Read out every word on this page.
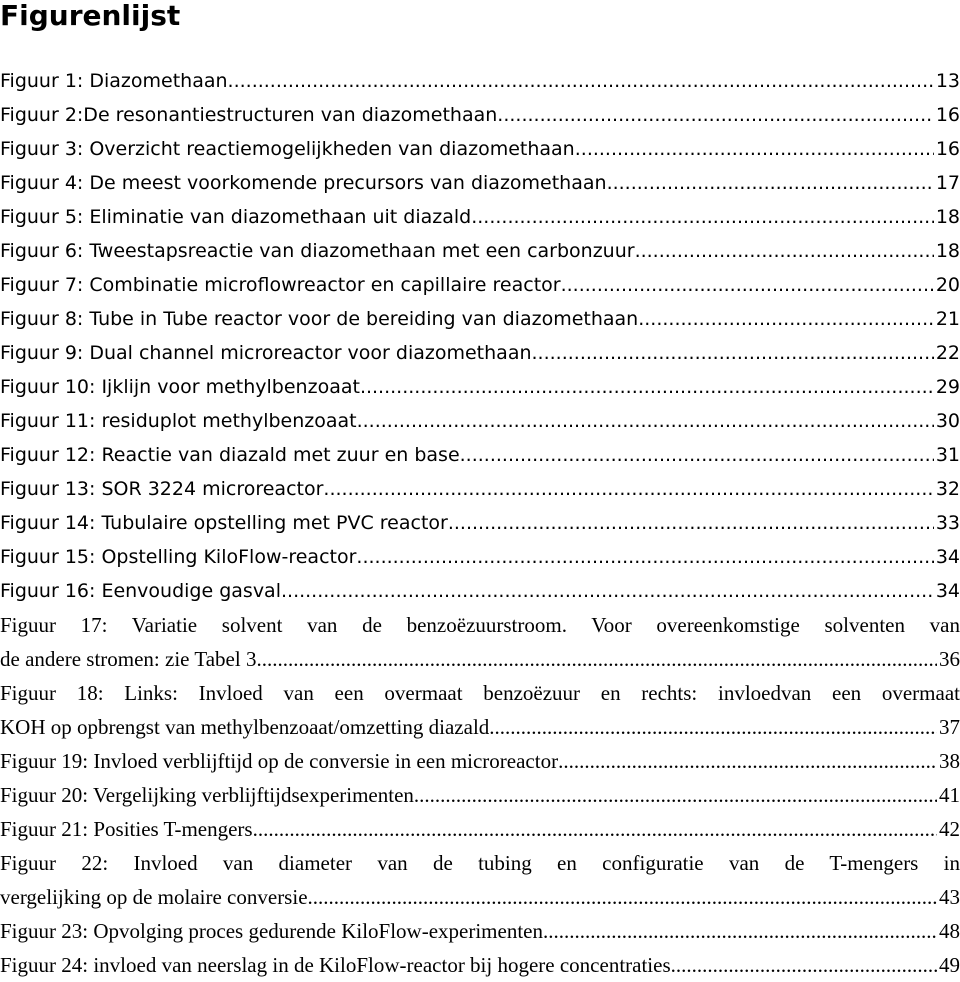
Figurenlijst
Figuur 1: Diazomethaan .....	13
Figuur 2:De resonantiestructuren van diazomethaan .....	16
Figuur 3: Overzicht reactiemogelijkheden van diazomethaan .....	16
Figuur 4: De meest voorkomende precursors van diazomethaan .....	17
Figuur 5: Eliminatie van diazomethaan uit diazald .....	18
Figuur 6: Tweestapsreactie van diazomethaan met een carbonzuur .....	18
Figuur 7: Combinatie microflowreactor en capillaire reactor .....	20
Figuur 8: Tube in Tube reactor voor de bereiding van diazomethaan .....	21
Figuur 9: Dual channel microreactor voor diazomethaan .....	22
Figuur 10: Ijklijn voor methylbenzoaat .....	29
Figuur 11: residuplot methylbenzoaat .....	30
Figuur 12: Reactie van diazald met zuur en base .....	31
Figuur 13: SOR 3224 microreactor .....	32
Figuur 14: Tubulaire opstelling met PVC reactor .....	33
Figuur 15: Opstelling KiloFlow-reactor .....	34
Figuur 16: Eenvoudige gasval .....	34
Figuur 17: Variatie solvent van de benzoëzuurstroom. Voor overeenkomstige solventen van
de andere stromen: zie Tabel 3 .....	36
Figuur 18: Links: Invloed van een overmaat benzoëzuur en rechts: invloedvan een overmaat
KOH op opbrengst van methylbenzoaat/omzetting diazald .....	37
Figuur 19: Invloed verblijftijd op de conversie in een microreactor .....	38
Figuur 20: Vergelijking verblijftijdsexperimenten .....	41
Figuur 21: Posities T-mengers .....	42
Figuur 22: Invloed van diameter van de tubing en configuratie van de T-mengers in
vergelijking op de molaire conversie .....	43
Figuur 23: Opvolging proces gedurende KiloFlow-experimenten .....	48
Figuur 24: invloed van neerslag in de KiloFlow-reactor bij hogere concentraties .....	49
